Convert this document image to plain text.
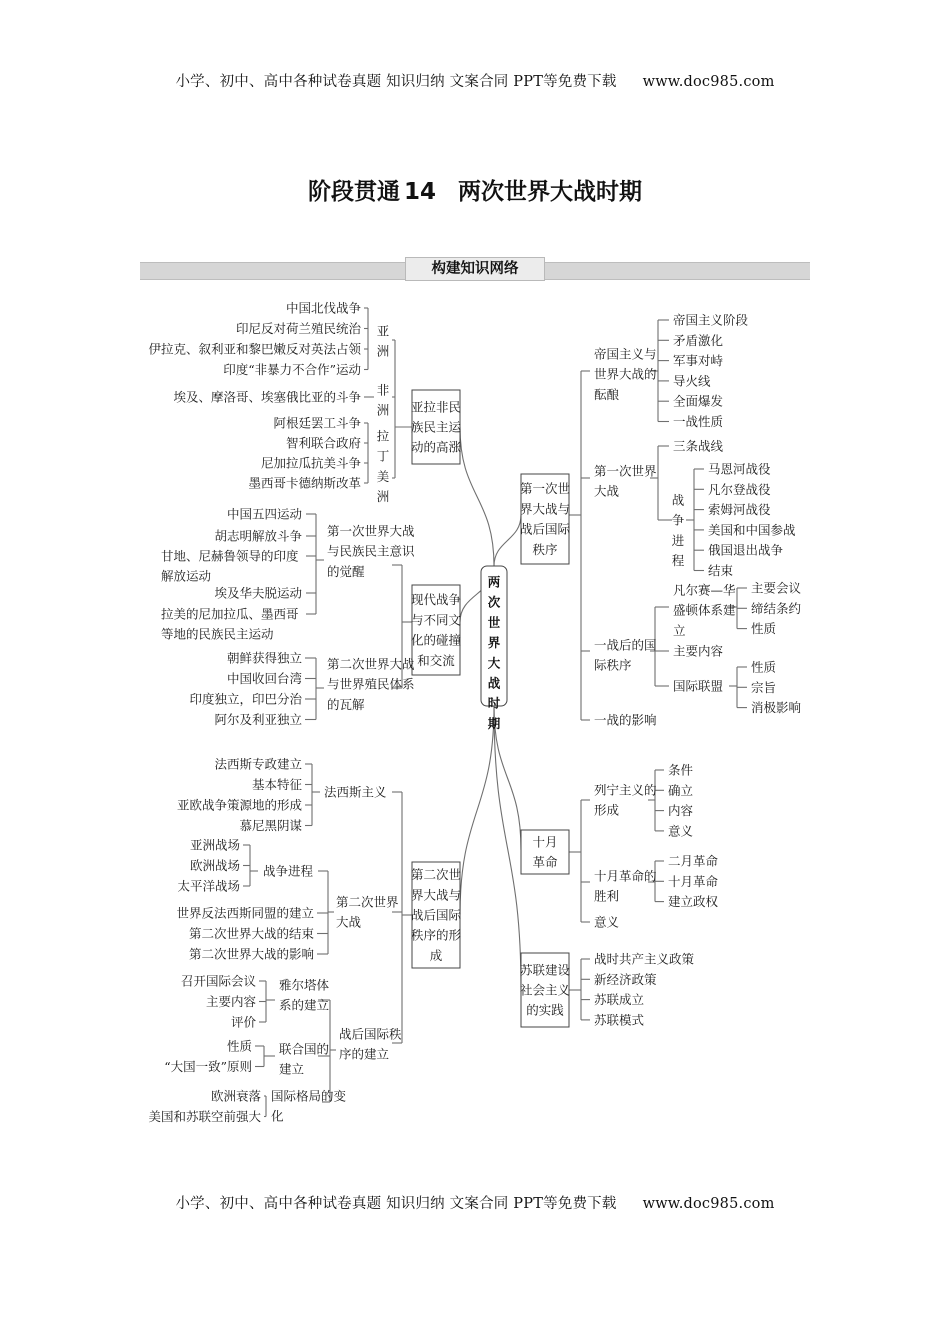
小学、初中、高中各种试卷真题 知识归纳 文案合同 PPT等免费下载 www.doc985.com
阶段贯通 14 两次世界大战时期
构建知识网络
两次世界大战时期
亚拉非民族民主运动的高涨
中国北伐战争
印尼反对荷兰殖民统治
伊拉克、叙利亚和黎巴嫩反对英法占领
印度“非暴力不合作”运动
亚洲
埃及、摩洛哥、埃塞俄比亚的斗争 非洲
阿根廷罢工斗争
智利联合政府
尼加拉瓜抗美斗争
墨西哥卡德纳斯改革
拉丁美洲
现代战争与不同文化的碰撞和交流
第一次世界大战与民族民主意识的觉醒
中国五四运动
胡志明解放斗争
甘地、尼赫鲁领导的印度解放运动
埃及华夫脱运动
拉美的尼加拉瓜、墨西哥等地的民族民主运动
第二次世界大战与世界殖民体系的瓦解
朝鲜获得独立
中国收回台湾
印度独立，印巴分治
阿尔及利亚独立
第二次世界大战与战后国际秩序的形成
法西斯主义
法西斯专政建立
基本特征
亚欧战争策源地的形成
慕尼黑阴谋
第二次世界大战
战争进程
亚洲战场
欧洲战场
太平洋战场
世界反法西斯同盟的建立
第二次世界大战的结束
第二次世界大战的影响
战后国际秩序的建立
雅尔塔体系的建立
召开国际会议
主要内容
评价
联合国的建立
性质
“大国一致”原则
国际格局的变化
欧洲衰落
美国和苏联空前强大
第一次世界大战与战后国际秩序
帝国主义与世界大战的酝酿
帝国主义阶段
矛盾激化
军事对峙
导火线
全面爆发
一战性质
第一次世界大战
三条战线
战争进程
马恩河战役
凡尔登战役
索姆河战役
美国和中国参战
俄国退出战争
结束
一战后的国际秩序
凡尔赛—华盛顿体系建立
主要会议
缔结条约
性质
主要内容
国际联盟
性质
宗旨
消极影响
一战的影响
十月革命
列宁主义的形成
条件
确立
内容
意义
十月革命的胜利
二月革命
十月革命
建立政权
意义
苏联建设社会主义的实践
战时共产主义政策
新经济政策
苏联成立
苏联模式
小学、初中、高中各种试卷真题 知识归纳 文案合同 PPT等免费下载 www.doc985.com
